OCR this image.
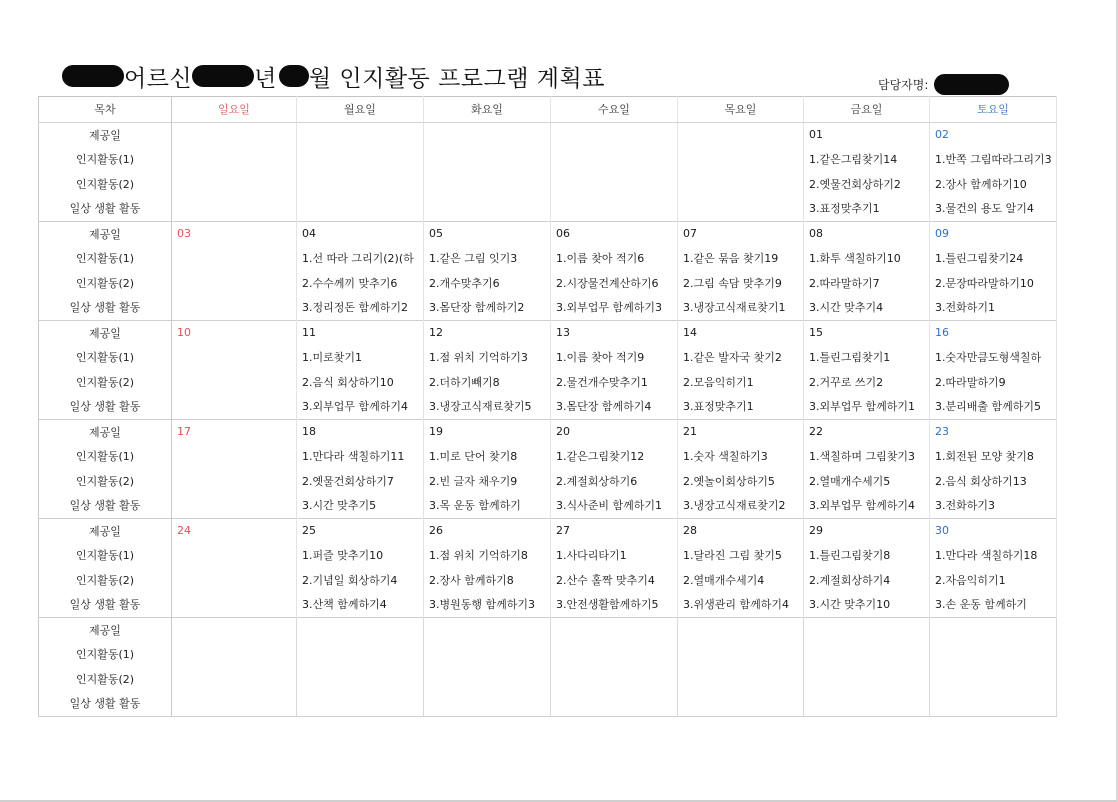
어르신	년 월 인지활동 프로그램 계획표	담당자명:
목차	일요일	월요일	화요일	수요일	목요일	금요일	토요일
제공일						01	02
인지활동(1)						1.같은그림찾기14	1.반쪽 그림따라그리기3
인지활동(2)						2.옛물건회상하기2	2.장사 함께하기10
일상 생활 활동						3.표정맞추기1	3.물건의 용도 알기4
제공일	03	04	05	06	07	08	09
인지활동(1)		1.선 따라 그리기(2)(하	1.같은 그림 잇기3	1.이름 찾아 적기6	1.같은 묶음 찾기19	1.화투 색칠하기10	1.틀린그림찾기24
인지활동(2)		2.수수께끼 맞추기6	2.개수맞추기6	2.시장물건계산하기6	2.그림 속담 맞추기9	2.따라말하기7	2.문장따라말하기10
일상 생활 활동		3.정리정돈 함께하기2	3.몸단장 함께하기2	3.외부업무 함께하기3	3.냉장고식재료찾기1	3.시간 맞추기4	3.전화하기1
제공일	10	11	12	13	14	15	16
인지활동(1)		1.미로찾기1	1.점 위치 기억하기3	1.이름 찾아 적기9	1.같은 발자국 찾기2	1.틀린그림찾기1	1.숫자만큼도형색칠하
인지활동(2)		2.음식 회상하기10	2.더하기빼기8	2.물건개수맞추기1	2.모음익히기1	2.거꾸로 쓰기2	2.따라말하기9
일상 생활 활동		3.외부업무 함께하기4	3.냉장고식재료찾기5	3.몸단장 함께하기4	3.표정맞추기1	3.외부업무 함께하기1	3.분리배출 함께하기5
제공일	17	18	19	20	21	22	23
인지활동(1)		1.만다라 색칠하기11	1.미로 단어 찾기8	1.같은그림찾기12	1.숫자 색칠하기3	1.색칠하며 그림찾기3	1.회전된 모양 찾기8
인지활동(2)		2.옛물건회상하기7	2.빈 글자 채우기9	2.계절회상하기6	2.옛놀이회상하기5	2.열매개수세기5	2.음식 회상하기13
일상 생활 활동		3.시간 맞추기5	3.목 운동 함께하기	3.식사준비 함께하기1	3.냉장고식재료찾기2	3.외부업무 함께하기4	3.전화하기3
제공일	24	25	26	27	28	29	30
인지활동(1)		1.퍼즐 맞추기10	1.점 위치 기억하기8	1.사다리타기1	1.달라진 그림 찾기5	1.틀린그림찾기8	1.만다라 색칠하기18
인지활동(2)		2.기념일 회상하기4	2.장사 함께하기8	2.산수 홀짝 맞추기4	2.열매개수세기4	2.계절회상하기4	2.자음익히기1
일상 생활 활동		3.산책 함께하기4	3.병원동행 함께하기3	3.안전생활함께하기5	3.위생관리 함께하기4	3.시간 맞추기10	3.손 운동 함께하기
제공일							
인지활동(1)							
인지활동(2)							
일상 생활 활동							
